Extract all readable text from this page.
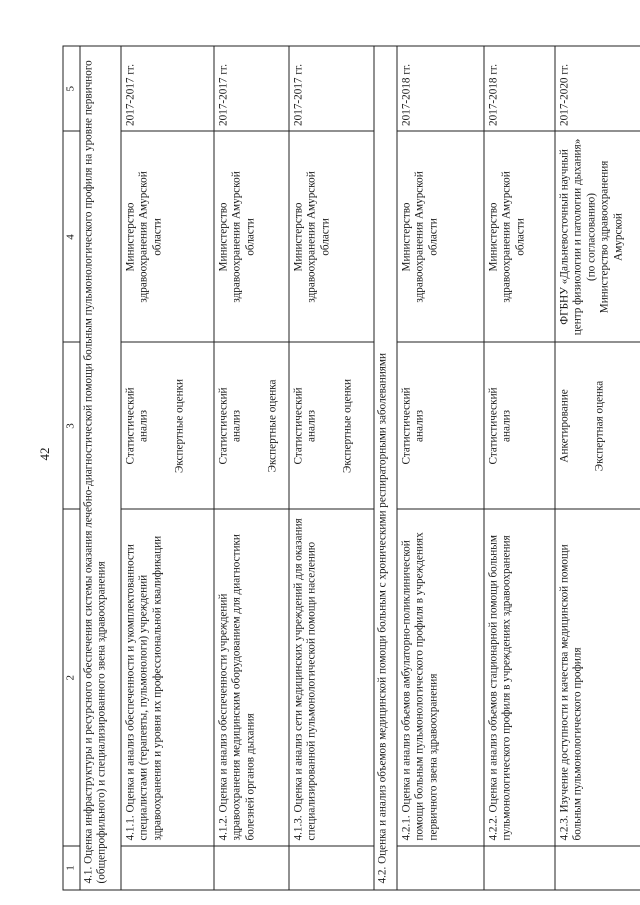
42
1	2	3	4	5
4.1. Оценка инфраструктуры и ресурсного обеспечения системы оказания лечебно-диагностической помощи больным пульмонологического профиля на уровне первичного (общепрофильного) и специализированного звена здравоохранения				
	4.1.1. Оценка и анализ обеспеченности и укомплектованности специалистами (терапевты, пульмонологи) учреждений здравоохранения и уровня их профессиональной квалификации	Статистический анализ Экспертные оценки	Министерство здравоохранения Амурской области	2017-2017 гг.
	4.1.2. Оценка и анализ обеспеченности учреждений здравоохранения медицинским оборудованием для диагностики болезней органов дыхания	Статистический анализ Экспертные оценка	Министерство здравоохранения Амурской области	2017-2017 гг.
	4.1.3. Оценка и анализ сети медицинских учреждений для оказания специализированной пульмонологической помощи населению	Статистический анализ Экспертные оценки	Министерство здравоохранения Амурской области	2017-2017 гг.
4.2. Оценка и анализ объемов медицинской помощи больным с хроническими респираторными заболеваниями				
	4.2.1. Оценка и анализ объемов амбулаторно-поликлинической помощи больным пульмонологического профиля в учреждениях первичного звена здравоохранения	Статистический анализ	Министерство здравоохранения Амурской области	2017-2018 гг.
	4.2.2. Оценка и анализ объемов стационарной помощи больным пульмонологического профиля в учреждениях здравоохранения	Статистический анализ	Министерство здравоохранения Амурской области	2017-2018 гг.
	4.2.3. Изучение доступности и качества медицинской помощи больным пульмонологического профиля	Анкетирование Экспертная оценка	ФГБНУ «Дальневосточный научный центр физиологии и патологии дыхания» (по согласованию) Министерство здравоохранения Амурской	2017-2020 гг.
